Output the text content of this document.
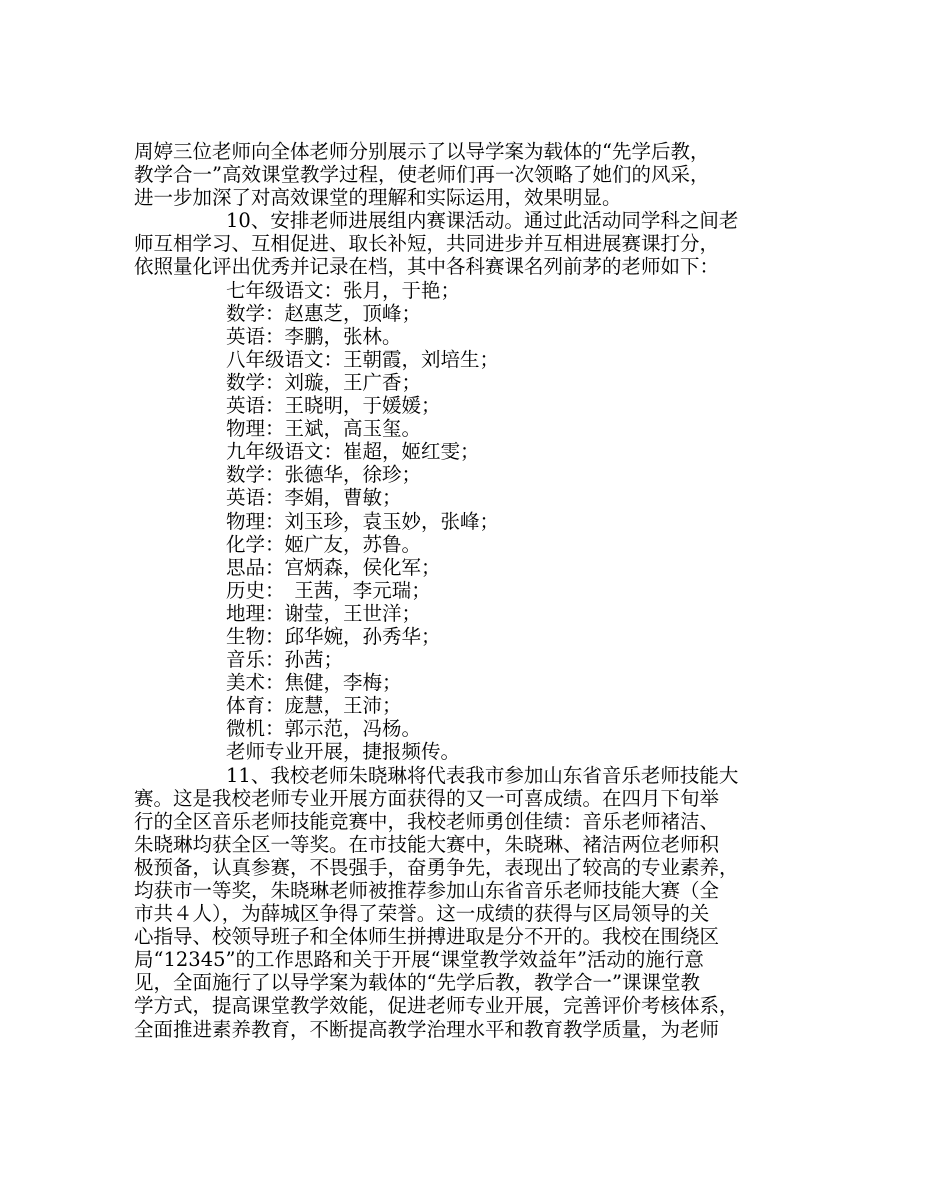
周婷三位老师向全体老师分别展示了以导学案为载体的“先学后教，
教学合一”高效课堂教学过程，使老师们再一次领略了她们的风采，
进一步加深了对高效课堂的理解和实际运用，效果明显。
10、安排老师进展组内赛课活动。通过此活动同学科之间老
师互相学习、互相促进、取长补短，共同进步并互相进展赛课打分，
依照量化评出优秀并记录在档，其中各科赛课名列前茅的老师如下：
七年级语文：张月，于艳；
数学：赵惠芝，顶峰；
英语：李鹏，张林。
八年级语文：王朝霞，刘培生；
数学：刘璇，王广香；
英语：王晓明，于媛媛；
物理：王斌，高玉玺。
九年级语文：崔超，姬红雯；
数学：张德华，徐珍；
英语：李娟，曹敏；
物理：刘玉珍，袁玉妙，张峰；
化学：姬广友，苏鲁。
思品：宫炳森，侯化军；
历史：　王茜，李元瑞；
地理：谢莹，王世洋；
生物：邱华婉，孙秀华；
音乐：孙茜；
美术：焦健，李梅；
体育：庞慧，王沛；
微机：郭示范，冯杨。
老师专业开展，捷报频传。
11、我校老师朱晓琳将代表我市参加山东省音乐老师技能大
赛。这是我校老师专业开展方面获得的又一可喜成绩。在四月下旬举
行的全区音乐老师技能竞赛中，我校老师勇创佳绩：音乐老师褚洁、
朱晓琳均获全区一等奖。在市技能大赛中，朱晓琳、褚洁两位老师积
极预备，认真参赛，不畏强手，奋勇争先，表现出了较高的专业素养，
均获市一等奖，朱晓琳老师被推荐参加山东省音乐老师技能大赛（全
市共４人），为薛城区争得了荣誉。这一成绩的获得与区局领导的关
心指导、校领导班子和全体师生拼搏进取是分不开的。我校在围绕区
局“12345”的工作思路和关于开展“课堂教学效益年”活动的施行意
见，全面施行了以导学案为载体的“先学后教，教学合一”课课堂教
学方式，提高课堂教学效能，促进老师专业开展，完善评价考核体系，
全面推进素养教育，不断提高教学治理水平和教育教学质量，为老师
